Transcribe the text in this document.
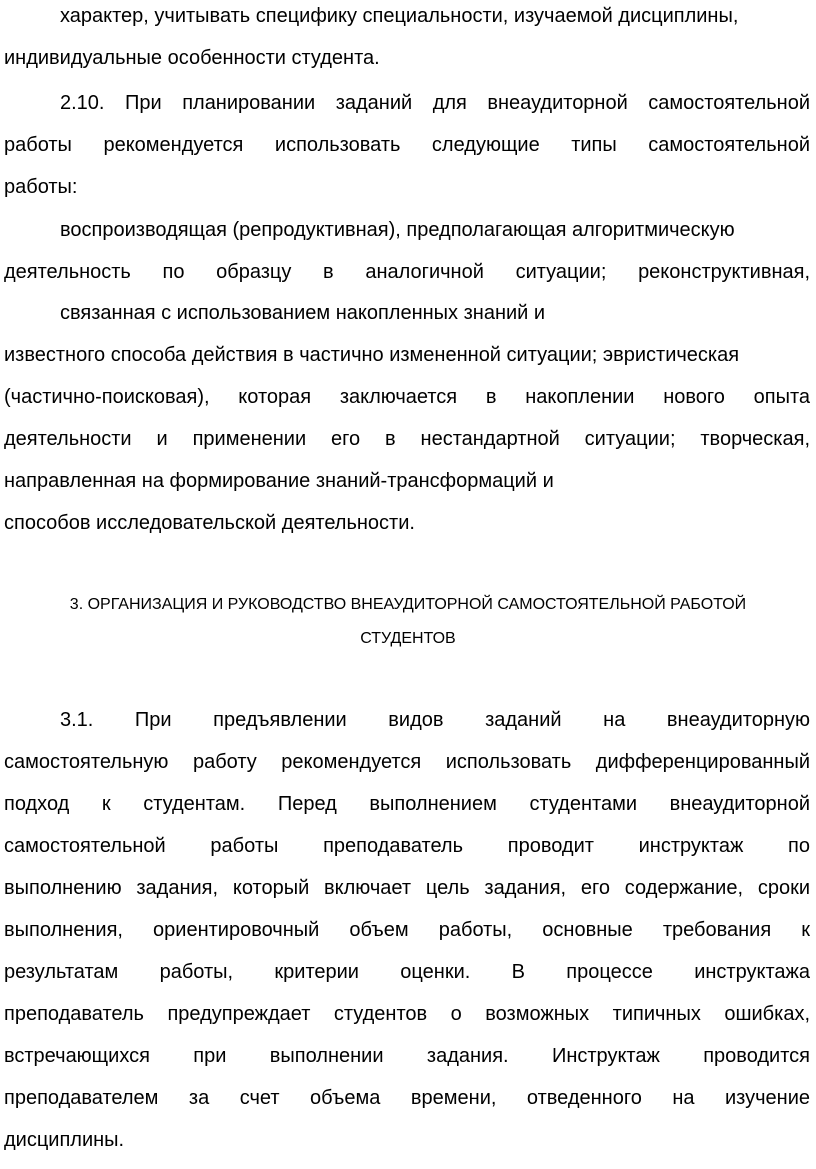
характер, учитывать специфику специальности, изучаемой дисциплины,
индивидуальные особенности студента.
2.10. При планировании заданий для внеаудиторной самостоятельной
работы рекомендуется использовать следующие типы самостоятельной
работы:
воспроизводящая (репродуктивная), предполагающая алгоритмическую
деятельность по образцу в аналогичной ситуации; реконструктивная,
связанная с использованием накопленных знаний и
известного способа действия в частично измененной ситуации; эвристическая
(частично-поисковая), которая заключается в накоплении нового опыта
деятельности и применении его в нестандартной ситуации; творческая,
направленная на формирование знаний-трансформаций и
способов исследовательской деятельности.
3. ОРГАНИЗАЦИЯ И РУКОВОДСТВО ВНЕАУДИТОРНОЙ САМОСТОЯТЕЛЬНОЙ РАБОТОЙ
СТУДЕНТОВ
3.1. При предъявлении видов заданий на внеаудиторную
самостоятельную работу рекомендуется использовать дифференцированный
подход к студентам. Перед выполнением студентами внеаудиторной
самостоятельной работы преподаватель проводит инструктаж по
выполнению задания, который включает цель задания, его содержание, сроки
выполнения, ориентировочный объем работы, основные требования к
результатам работы, критерии оценки. В процессе инструктажа
преподаватель предупреждает студентов о возможных типичных ошибках,
встречающихся при выполнении задания. Инструктаж проводится
преподавателем за счет объема времени, отведенного на изучение
дисциплины.
